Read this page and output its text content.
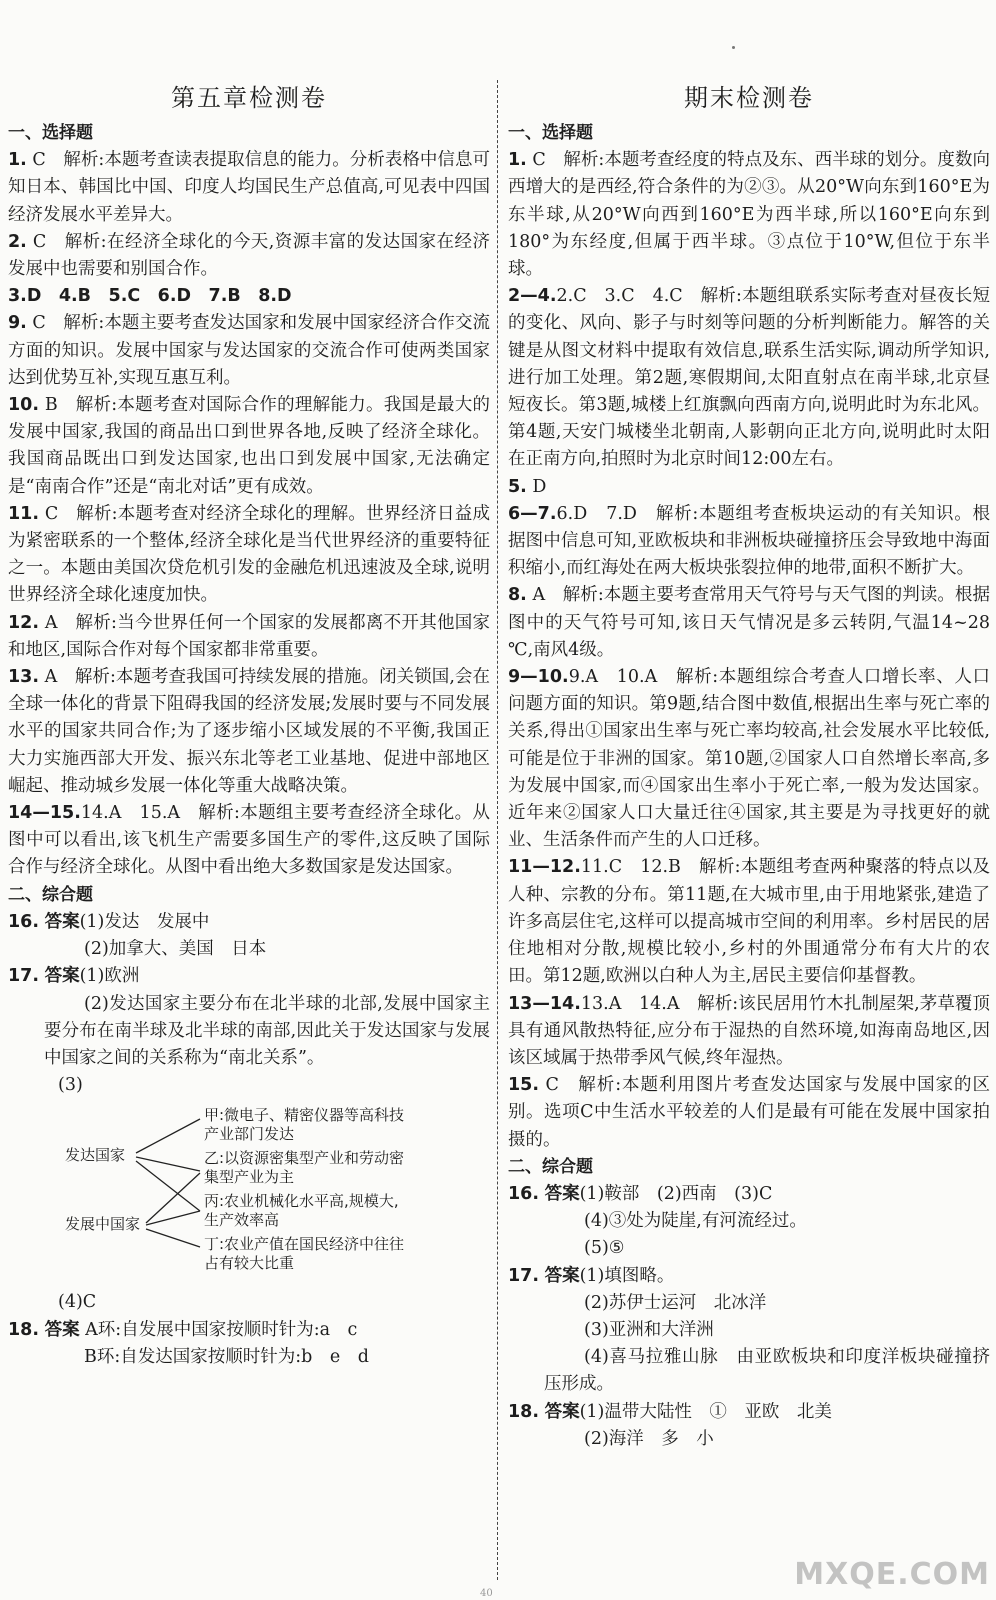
第五章检测卷
一、选择题
1. C　解析:本题考查读表提取信息的能力。分析表格中信息可知日本、韩国比中国、印度人均国民生产总值高,可见表中四国经济发展水平差异大。
2. C　解析:在经济全球化的今天,资源丰富的发达国家在经济发展中也需要和别国合作。
3.D　4.B　5.C　6.D　7.B　8.D
9. C　解析:本题主要考查发达国家和发展中国家经济合作交流方面的知识。发展中国家与发达国家的交流合作可使两类国家达到优势互补,实现互惠互利。
10. B　解析:本题考查对国际合作的理解能力。我国是最大的发展中国家,我国的商品出口到世界各地,反映了经济全球化。我国商品既出口到发达国家,也出口到发展中国家,无法确定是“南南合作”还是“南北对话”更有成效。
11. C　解析:本题考查对经济全球化的理解。世界经济日益成为紧密联系的一个整体,经济全球化是当代世界经济的重要特征之一。本题由美国次贷危机引发的金融危机迅速波及全球,说明世界经济全球化速度加快。
12. A　解析:当今世界任何一个国家的发展都离不开其他国家和地区,国际合作对每个国家都非常重要。
13. A　解析:本题考查我国可持续发展的措施。闭关锁国,会在全球一体化的背景下阻碍我国的经济发展;发展时要与不同发展水平的国家共同合作;为了逐步缩小区域发展的不平衡,我国正大力实施西部大开发、振兴东北等老工业基地、促进中部地区崛起、推动城乡发展一体化等重大战略决策。
14—15.14.A　15.A　解析:本题组主要考查经济全球化。从图中可以看出,该飞机生产需要多国生产的零件,这反映了国际合作与经济全球化。从图中看出绝大多数国家是发达国家。
二、综合题
16. 答案(1)发达　发展中
(2)加拿大、美国　日本
17. 答案(1)欧洲
(2)发达国家主要分布在北半球的北部,发展中国家主要分布在南半球及北半球的南部,因此关于发达国家与发展中国家之间的关系称为“南北关系”。
(3)
发达国家
发展中国家
甲:微电子、精密仪器等高科技
产业部门发达
乙:以资源密集型产业和劳动密
集型产业为主
丙:农业机械化水平高,规模大,
生产效率高
丁:农业产值在国民经济中往往
占有较大比重
(4)C
18. 答案 A环:自发展中国家按顺时针为:a　c
B环:自发达国家按顺时针为:b　e　d
期末检测卷
一、选择题
1. C　解析:本题考查经度的特点及东、西半球的划分。度数向西增大的是西经,符合条件的为②③。从20°W向东到160°E为东半球,从20°W向西到160°E为西半球,所以160°E向东到180°为东经度,但属于西半球。③点位于10°W,但位于东半球。
2—4.2.C　3.C　4.C　解析:本题组联系实际考查对昼夜长短的变化、风向、影子与时刻等问题的分析判断能力。解答的关键是从图文材料中提取有效信息,联系生活实际,调动所学知识,进行加工处理。第2题,寒假期间,太阳直射点在南半球,北京昼短夜长。第3题,城楼上红旗飘向西南方向,说明此时为东北风。第4题,天安门城楼坐北朝南,人影朝向正北方向,说明此时太阳在正南方向,拍照时为北京时间12:00左右。
5. D
6—7.6.D　7.D　解析:本题组考查板块运动的有关知识。根据图中信息可知,亚欧板块和非洲板块碰撞挤压会导致地中海面积缩小,而红海处在两大板块张裂拉伸的地带,面积不断扩大。
8. A　解析:本题主要考查常用天气符号与天气图的判读。根据图中的天气符号可知,该日天气情况是多云转阴,气温14~28 ℃,南风4级。
9—10.9.A　10.A　解析:本题组综合考查人口增长率、人口问题方面的知识。第9题,结合图中数值,根据出生率与死亡率的关系,得出①国家出生率与死亡率均较高,社会发展水平比较低,可能是位于非洲的国家。第10题,②国家人口自然增长率高,多为发展中国家,而④国家出生率小于死亡率,一般为发达国家。近年来②国家人口大量迁往④国家,其主要是为寻找更好的就业、生活条件而产生的人口迁移。
11—12.11.C　12.B　解析:本题组考查两种聚落的特点以及人种、宗教的分布。第11题,在大城市里,由于用地紧张,建造了许多高层住宅,这样可以提高城市空间的利用率。乡村居民的居住地相对分散,规模比较小,乡村的外围通常分布有大片的农田。第12题,欧洲以白种人为主,居民主要信仰基督教。
13—14.13.A　14.A　解析:该民居用竹木扎制屋架,茅草覆顶具有通风散热特征,应分布于湿热的自然环境,如海南岛地区,因该区域属于热带季风气候,终年湿热。
15. C　解析:本题利用图片考查发达国家与发展中国家的区别。选项C中生活水平较差的人们是最有可能在发展中国家拍摄的。
二、综合题
16. 答案(1)鞍部　(2)西南　(3)C
(4)③处为陡崖,有河流经过。
(5)⑤
17. 答案(1)填图略。
(2)苏伊士运河　北冰洋
(3)亚洲和大洋洲
(4)喜马拉雅山脉　由亚欧板块和印度洋板块碰撞挤压形成。
18. 答案(1)温带大陆性　①　亚欧　北美
(2)海洋　多　小
40
MXQE.COM
